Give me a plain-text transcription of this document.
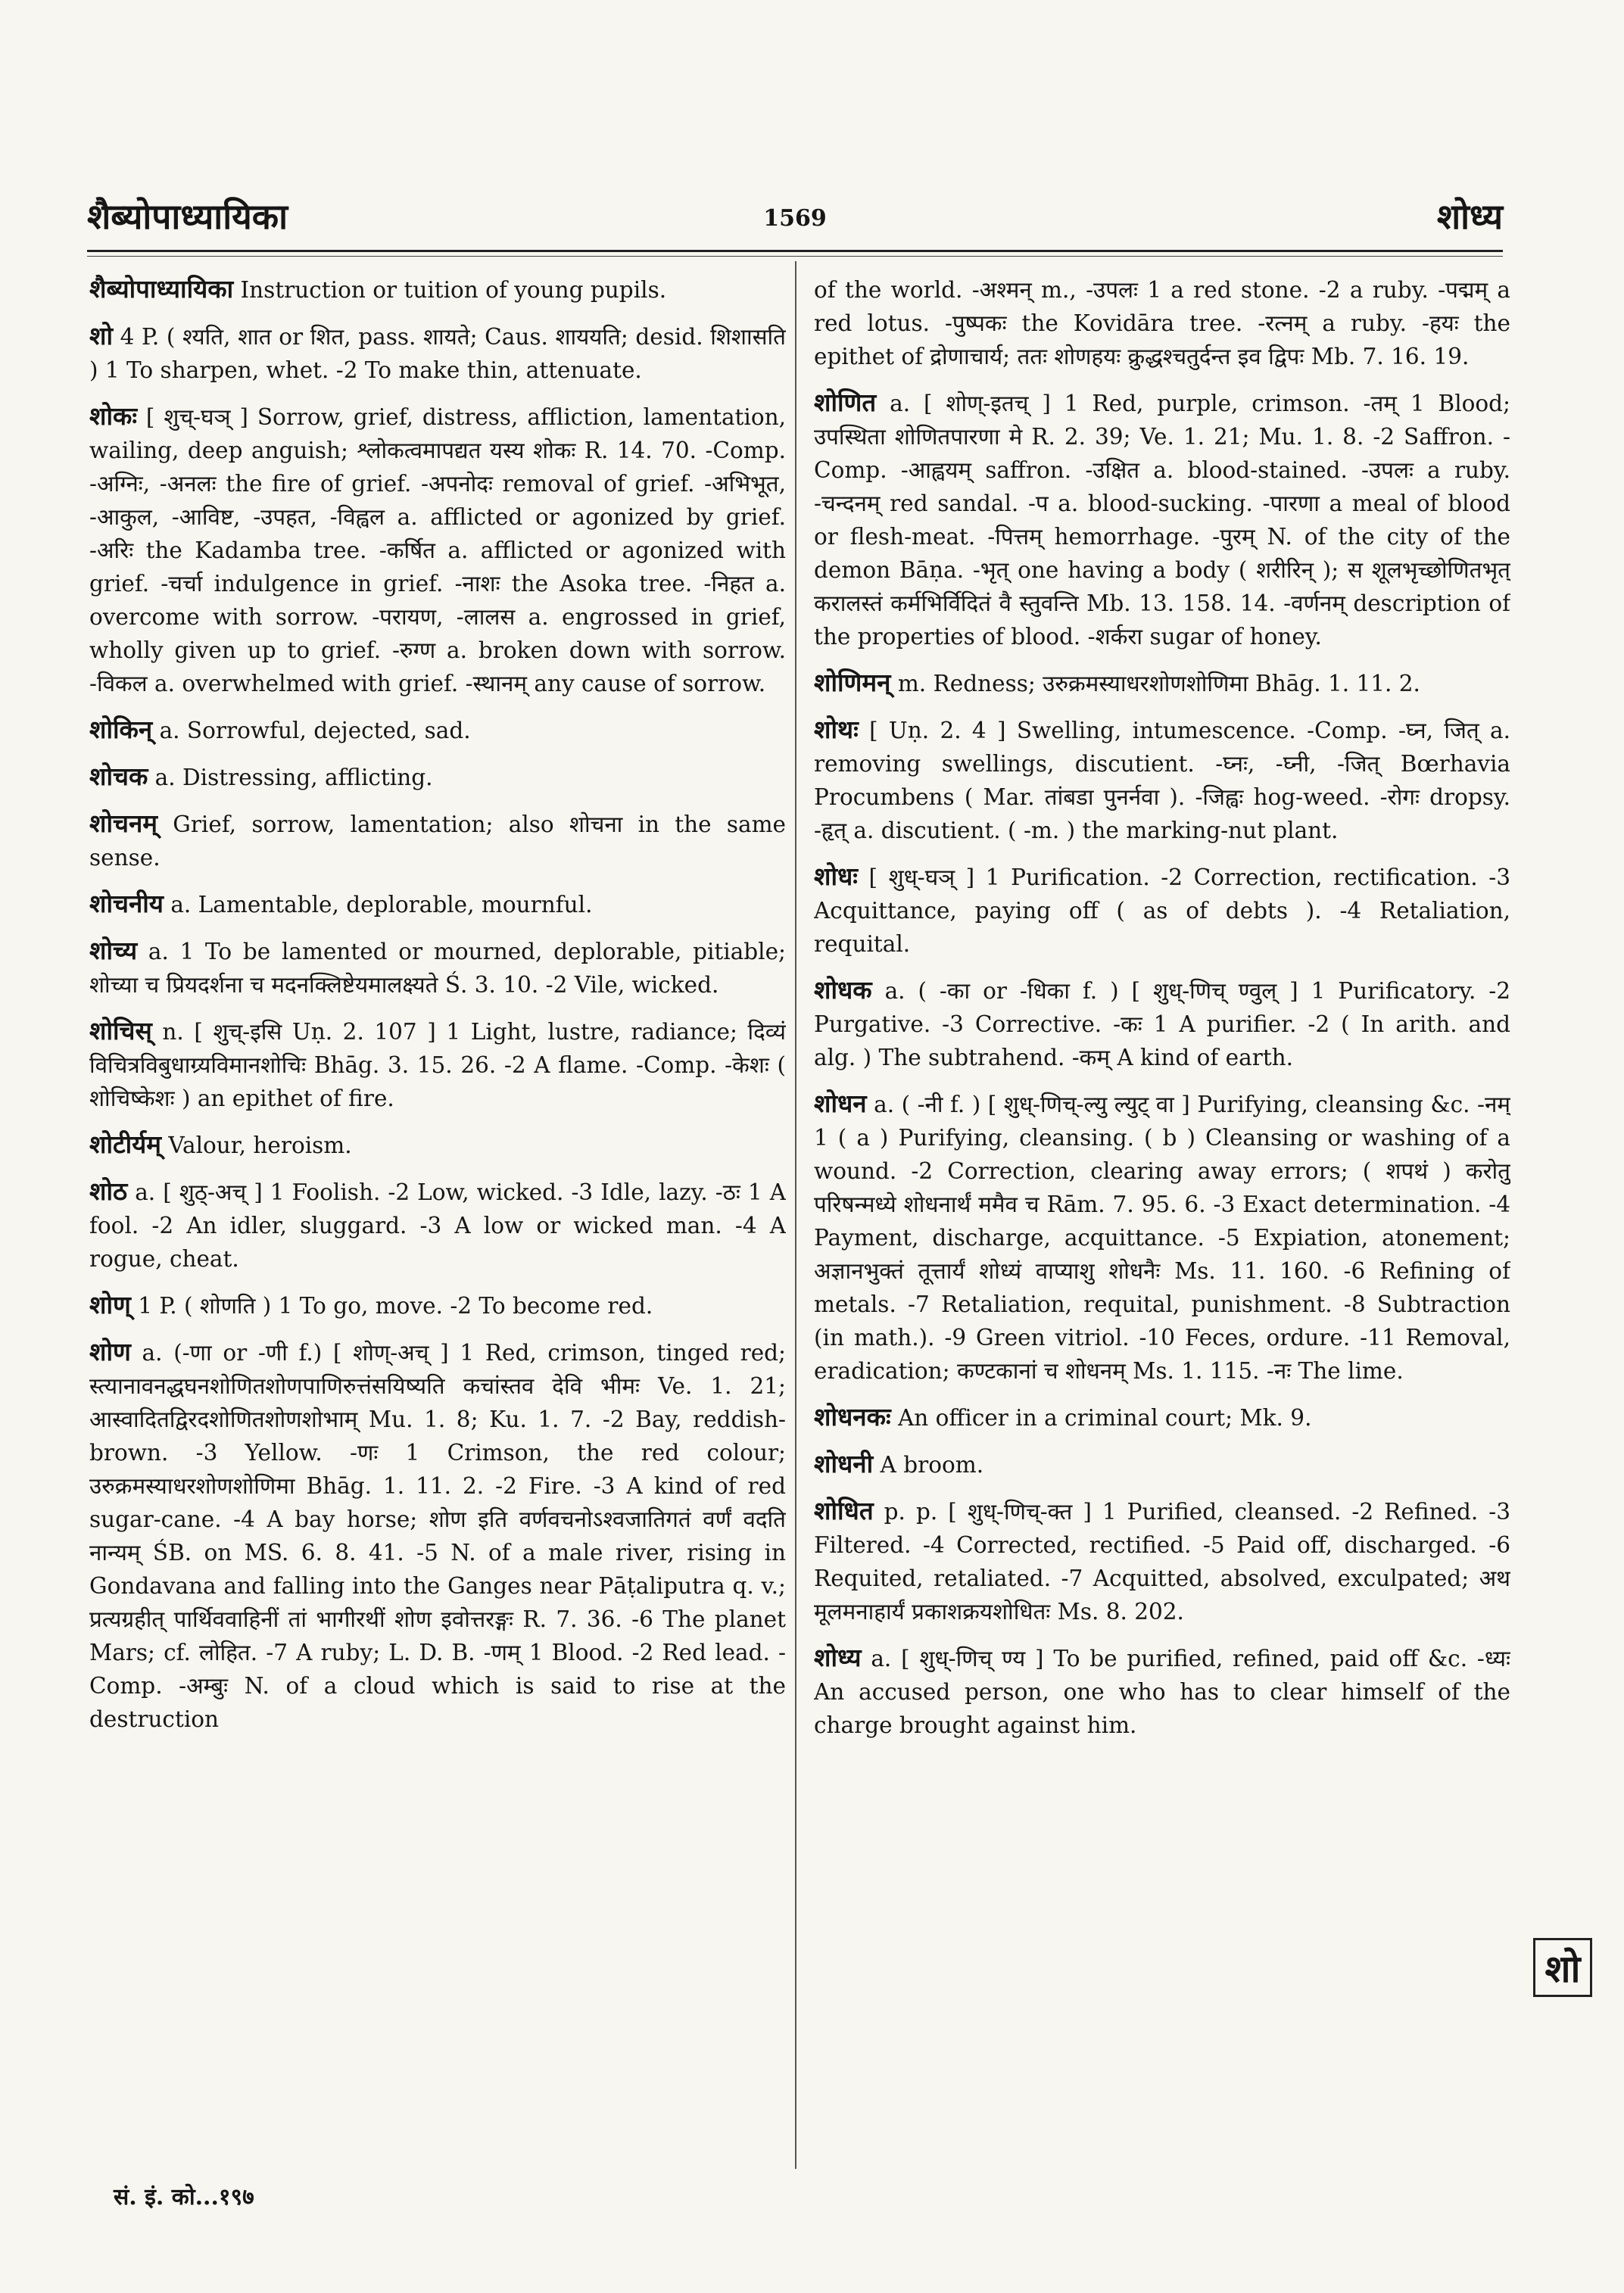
शैब्योपाध्यायिका	1569	शोध्य

शैब्योपाध्यायिका Instruction or tuition of young pupils.

शो 4 P. ( श्यति, शात or शित, pass. शायते; Caus. शाययति; desid. शिशासति ) 1 To sharpen, whet. -2 To make thin, attenuate.

शोकः [ शुच्-घञ् ] Sorrow, grief, distress, affliction, lamentation, wailing, deep anguish; श्लोकत्वमापद्यत यस्य शोकः R. 14. 70. -Comp. -अग्निः, -अनलः the fire of grief. -अपनोदः removal of grief. -अभिभूत, -आकुल, -आविष्ट, -उपहत, -विह्वल a. afflicted or agonized by grief. -अरिः the Kadamba tree. -कर्षित a. afflicted or agonized with grief. -चर्चा indulgence in grief. -नाशः the Asoka tree. -निहत a. overcome with sorrow. -परायण, -लालस a. engrossed in grief, wholly given up to grief. -रुग्ण a. broken down with sorrow. -विकल a. overwhelmed with grief. -स्थानम् any cause of sorrow.

शोकिन् a. Sorrowful, dejected, sad.

शोचक a. Distressing, afflicting.

शोचनम् Grief, sorrow, lamentation; also शोचना in the same sense.

शोचनीय a. Lamentable, deplorable, mournful.

शोच्य a. 1 To be lamented or mourned, deplorable, pitiable; शोच्या च प्रियदर्शना च मदनक्लिष्टेयमालक्ष्यते Ś. 3. 10. -2 Vile, wicked.

शोचिस् n. [ शुच्-इसि Uṇ. 2. 107 ] 1 Light, lustre, radiance; दिव्यं विचित्रविबुधाग्र्यविमानशोचिः Bhāg. 3. 15. 26. -2 A flame. -Comp. -केशः ( शोचिष्केशः ) an epithet of fire.

शोटीर्यम् Valour, heroism.

शोठ a. [ शुठ्-अच् ] 1 Foolish. -2 Low, wicked. -3 Idle, lazy. -ठः 1 A fool. -2 An idler, sluggard. -3 A low or wicked man. -4 A rogue, cheat.

शोण् 1 P. ( शोणति ) 1 To go, move. -2 To become red.

शोण a. (-णा or -णी f.) [ शोण्-अच् ] 1 Red, crimson, tinged red; स्त्यानावनद्धघनशोणितशोणपाणिरुत्तंसयिष्यति कचांस्तव देवि भीमः Ve. 1. 21; आस्वादितद्विरदशोणितशोणशोभाम् Mu. 1. 8; Ku. 1. 7. -2 Bay, reddish-brown. -3 Yellow. -णः 1 Crimson, the red colour; उरुक्रमस्याधरशोणशोणिमा Bhāg. 1. 11. 2. -2 Fire. -3 A kind of red sugar-cane. -4 A bay horse; शोण इति वर्णवचनोऽश्वजातिगतं वर्णं वदति नान्यम् ŚB. on MS. 6. 8. 41. -5 N. of a male river, rising in Gondavana and falling into the Ganges near Pāṭaliputra q. v.; प्रत्यग्रहीत् पार्थिववाहिनीं तां भागीरथीं शोण इवोत्तरङ्गः R. 7. 36. -6 The planet Mars; cf. लोहित. -7 A ruby; L. D. B. -णम् 1 Blood. -2 Red lead. -Comp. -अम्बुः N. of a cloud which is said to rise at the destruction

of the world. -अश्मन् m., -उपलः 1 a red stone. -2 a ruby. -पद्मम् a red lotus. -पुष्पकः the Kovidāra tree. -रत्नम् a ruby. -हयः the epithet of द्रोणाचार्य; ततः शोणहयः क्रुद्धश्चतुर्दन्त इव द्विपः Mb. 7. 16. 19.

शोणित a. [ शोण्-इतच् ] 1 Red, purple, crimson. -तम् 1 Blood; उपस्थिता शोणितपारणा मे R. 2. 39; Ve. 1. 21; Mu. 1. 8. -2 Saffron. -Comp. -आह्वयम् saffron. -उक्षित a. blood-stained. -उपलः a ruby. -चन्दनम् red sandal. -प a. blood-sucking. -पारणा a meal of blood or flesh-meat. -पित्तम् hemorrhage. -पुरम् N. of the city of the demon Bāṇa. -भृत् one having a body ( शरीरिन् ); स शूलभृच्छोणितभृत् करालस्तं कर्मभिर्विदितं वै स्तुवन्ति Mb. 13. 158. 14. -वर्णनम् description of the properties of blood. -शर्करा sugar of honey.

शोणिमन् m. Redness; उरुक्रमस्याधरशोणशोणिमा Bhāg. 1. 11. 2.

शोथः [ Uṇ. 2. 4 ] Swelling, intumescence. -Comp. -घ्न, जित् a. removing swellings, discutient. -घ्नः, -घ्नी, -जित् Bœrhavia Procumbens ( Mar. तांबडा पुनर्नवा ). -जिह्वः hog-weed. -रोगः dropsy. -हृत् a. discutient. ( -m. ) the marking-nut plant.

शोधः [ शुध्-घञ् ] 1 Purification. -2 Correction, rectification. -3 Acquittance, paying off ( as of debts ). -4 Retaliation, requital.

शोधक a. ( -का or -धिका f. ) [ शुध्-णिच् ण्वुल् ] 1 Purificatory. -2 Purgative. -3 Corrective. -कः 1 A purifier. -2 ( In arith. and alg. ) The subtrahend. -कम् A kind of earth.

शोधन a. ( -नी f. ) [ शुध्-णिच्-ल्यु ल्युट् वा ] Purifying, cleansing &c. -नम् 1 ( a ) Purifying, cleansing. ( b ) Cleansing or washing of a wound. -2 Correction, clearing away errors; ( शपथं ) करोतु परिषन्मध्ये शोधनार्थं ममैव च Rām. 7. 95. 6. -3 Exact determination. -4 Payment, discharge, acquittance. -5 Expiation, atonement; अज्ञानभुक्तं तूत्तार्यं शोध्यं वाप्याशु शोधनैः Ms. 11. 160. -6 Refining of metals. -7 Retaliation, requital, punishment. -8 Subtraction (in math.). -9 Green vitriol. -10 Feces, ordure. -11 Removal, eradication; कण्टकानां च शोधनम् Ms. 1. 115. -नः The lime.

शोधनकः An officer in a criminal court; Mk. 9.

शोधनी A broom.

शोधित p. p. [ शुध्-णिच्-क्त ] 1 Purified, cleansed. -2 Refined. -3 Filtered. -4 Corrected, rectified. -5 Paid off, discharged. -6 Requited, retaliated. -7 Acquitted, absolved, exculpated; अथ मूलमनाहार्यं प्रकाशक्रयशोधितः Ms. 8. 202.

शोध्य a. [ शुध्-णिच् ण्य ] To be purified, refined, paid off &c. -ध्यः An accused person, one who has to clear himself of the charge brought against him.

शो
सं. इं. को...१९७
